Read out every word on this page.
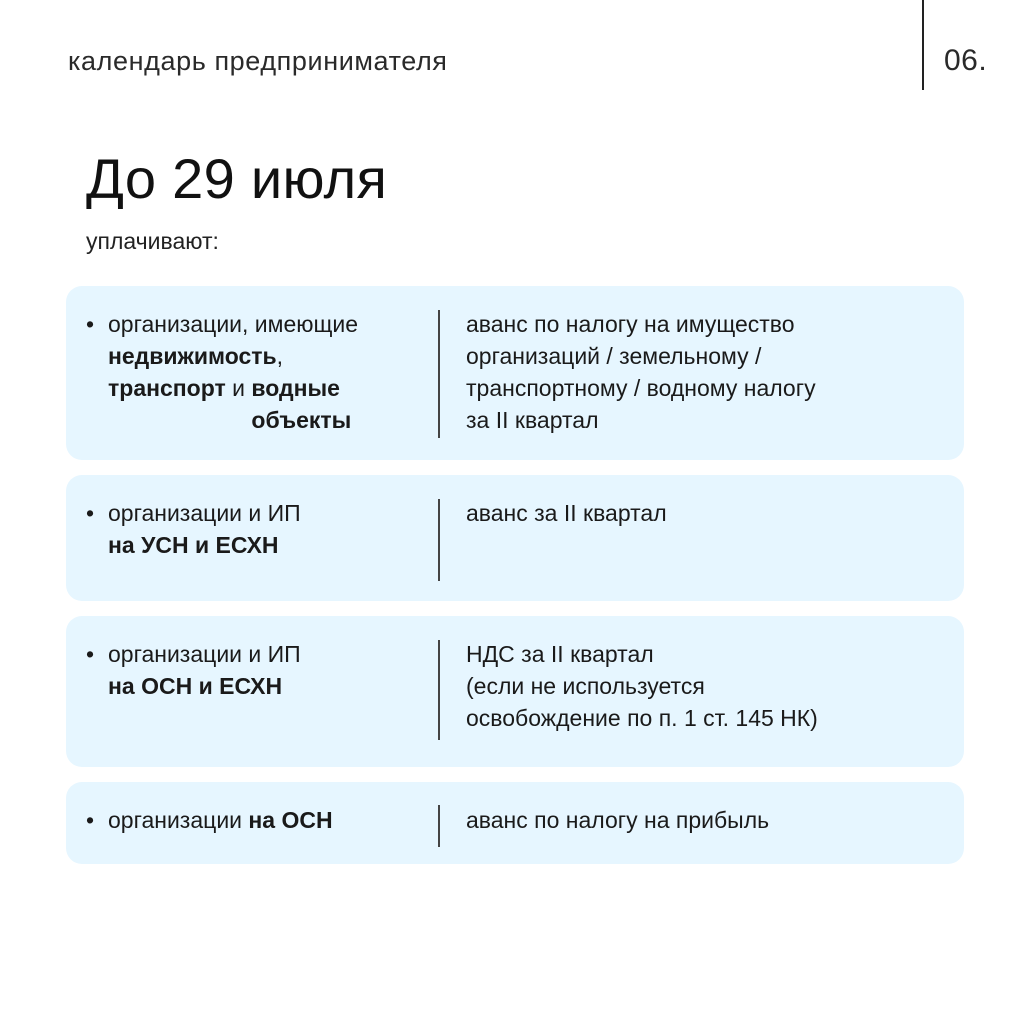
календарь предпринимателя	06.
До 29 июля
уплачивают:
• организации, имеющие
недвижимость,
транспорт и водные объекты
аванс по налогу на имущество
организаций / земельному /
транспортному / водному налогу
за II квартал
• организации и ИП
на УСН и ЕСХН
аванс за II квартал
• организации и ИП
на ОСН и ЕСХН
НДС за II квартал
(если не используется
освобождение по п. 1 ст. 145 НК)
• организации на ОСН	аванс по налогу на прибыль
